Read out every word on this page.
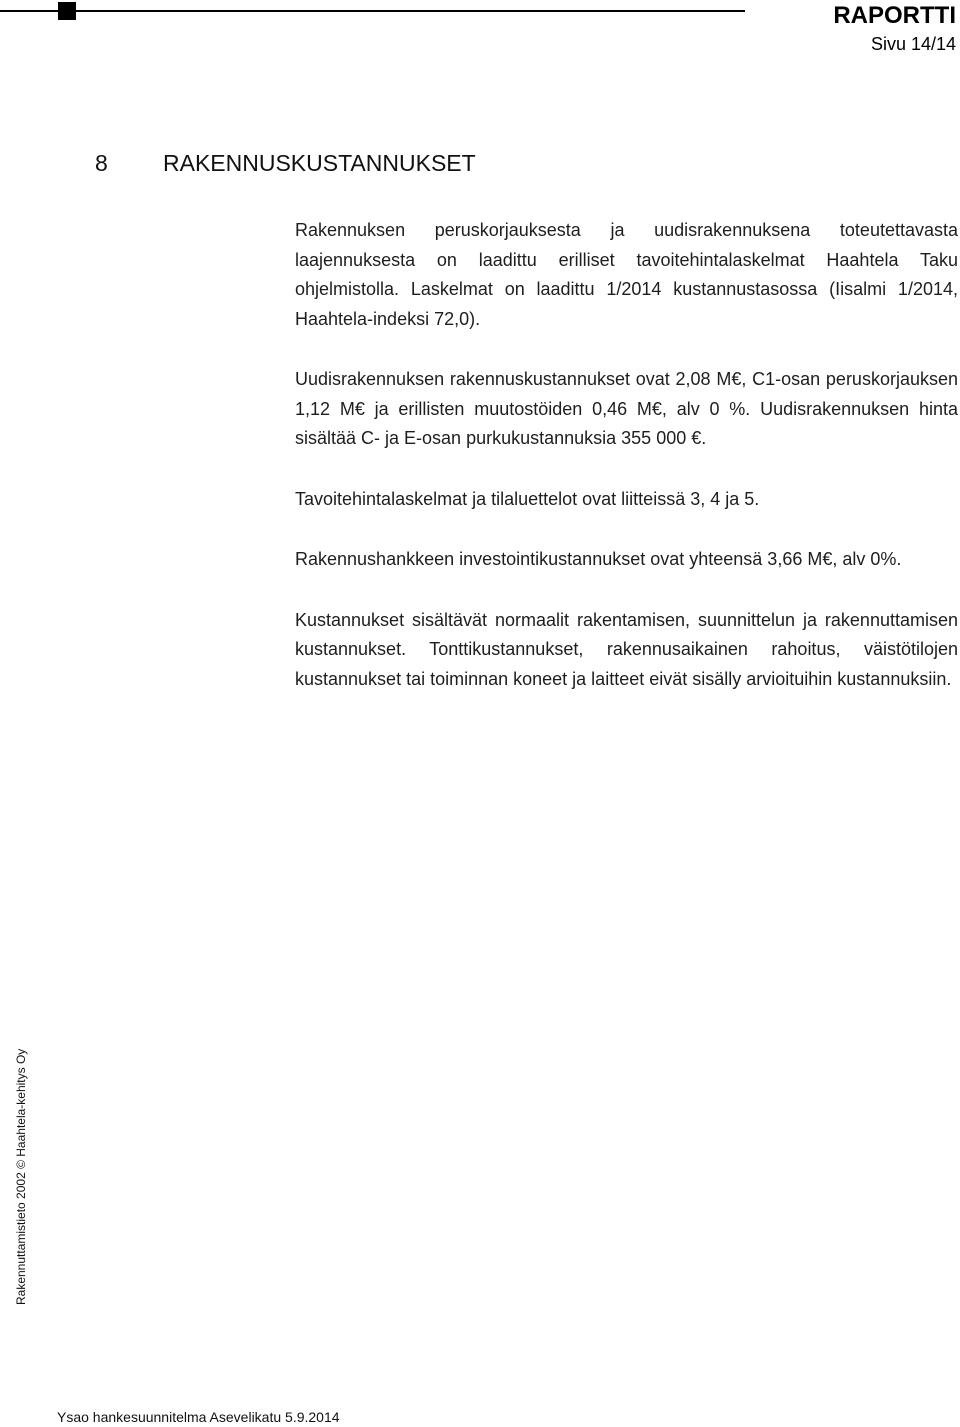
RAPORTTI
Sivu 14/14
8 RAKENNUSKUSTANNUKSET

Rakennuksen peruskorjauksesta ja uudisrakennuksena toteutettavasta laajennuksesta on laadittu erilliset tavoitehintalaskelmat Haahtela Taku ohjelmistolla. Laskelmat on laadittu 1/2014 kustannustasossa (Iisalmi 1/2014, Haahtela-indeksi 72,0).

Uudisrakennuksen rakennuskustannukset ovat 2,08 M€, C1-osan peruskorjauksen 1,12 M€ ja erillisten muutostöiden 0,46 M€, alv 0 %. Uudisrakennuksen hinta sisältää C- ja E-osan purkukustannuksia 355 000 €.

Tavoitehintalaskelmat ja tilaluettelot ovat liitteissä 3, 4 ja 5.

Rakennushankkeen investointikustannukset ovat yhteensä 3,66 M€, alv 0%.

Kustannukset sisältävät normaalit rakentamisen, suunnittelun ja rakennuttamisen kustannukset. Tonttikustannukset, rakennusaikainen rahoitus, väistötilojen kustannukset tai toiminnan koneet ja laitteet eivät sisälly arvioituihin kustannuksiin.

Rakennuttamistieto 2002 © Haahtela-kehitys Oy
Ysao hankesuunnitelma Asevelikatu 5.9.2014
